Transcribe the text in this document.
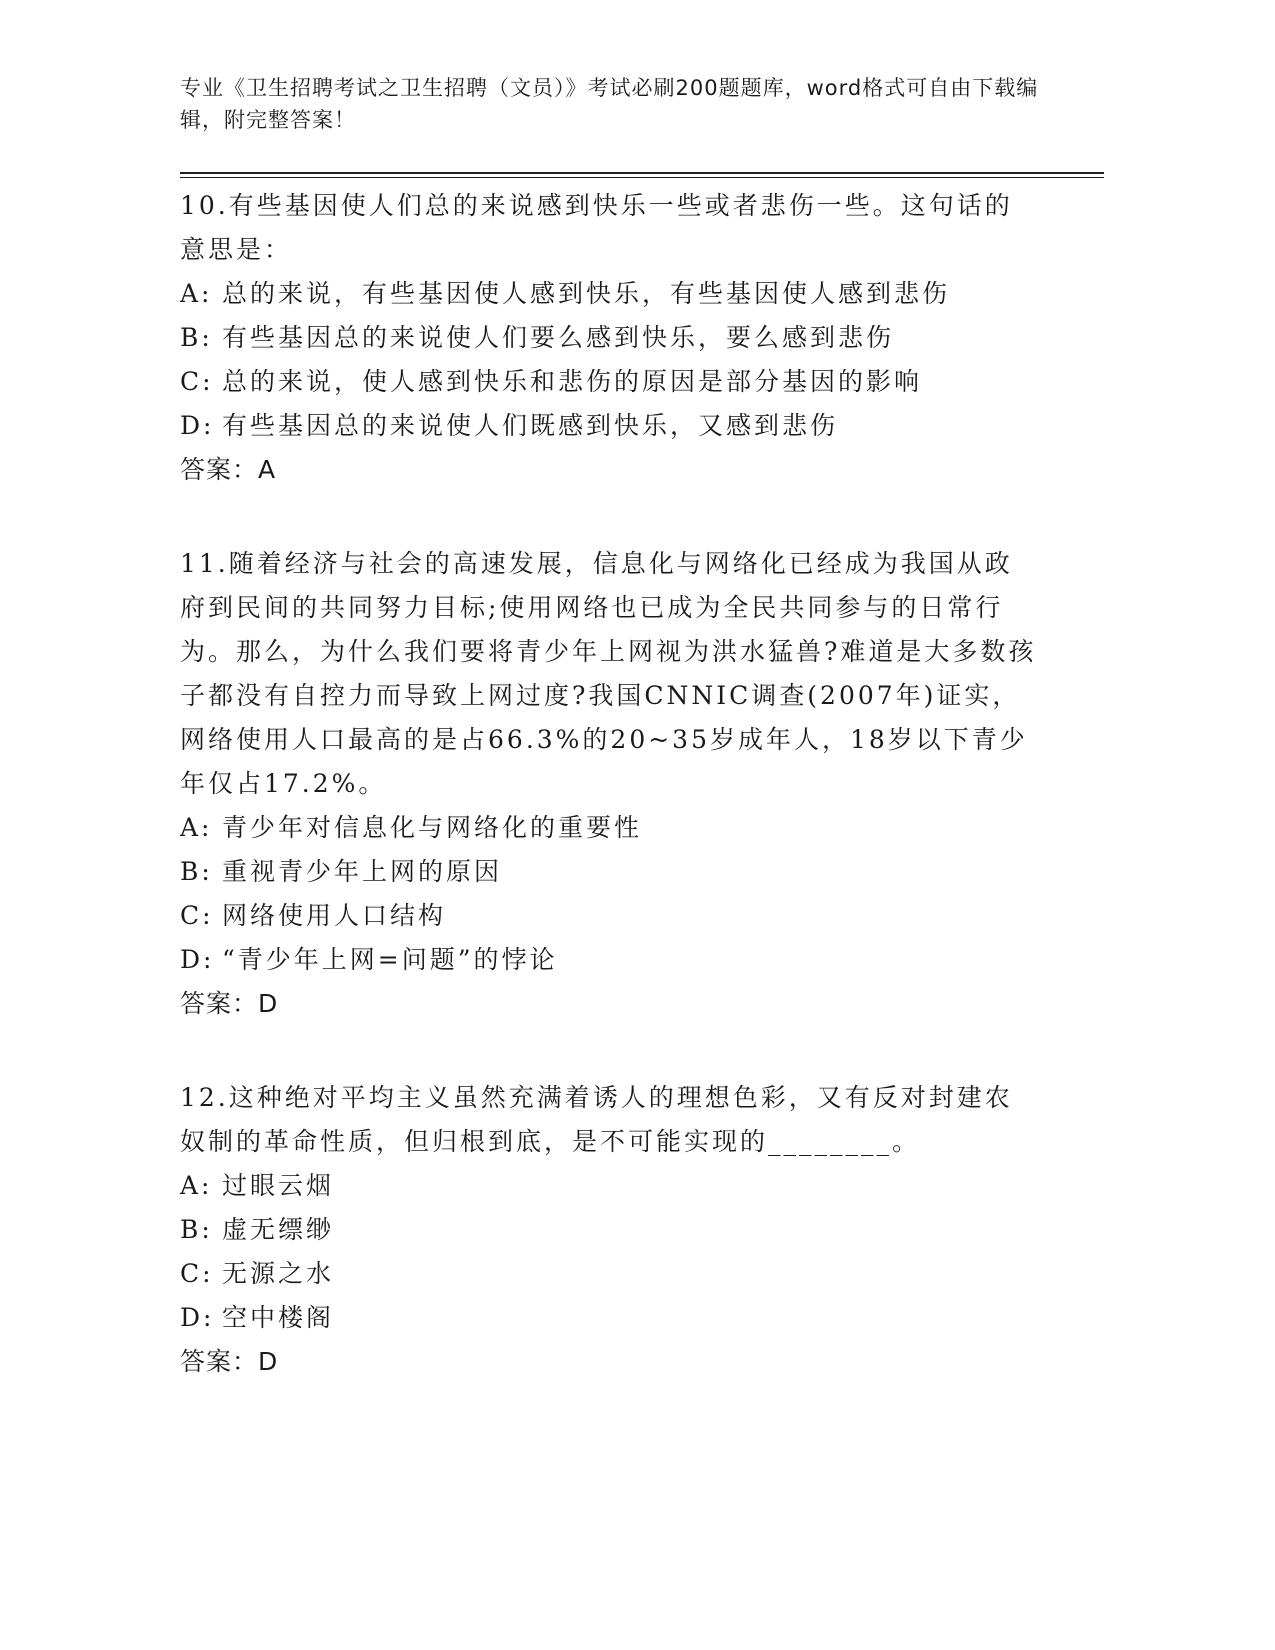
专业《卫生招聘考试之卫生招聘（文员）》考试必刷200题题库，word格式可自由下载编辑，附完整答案！

10.有些基因使人们总的来说感到快乐一些或者悲伤一些。这句话的意思是：

A: 总的来说，有些基因使人感到快乐，有些基因使人感到悲伤

B: 有些基因总的来说使人们要么感到快乐，要么感到悲伤

C: 总的来说，使人感到快乐和悲伤的原因是部分基因的影响

D: 有些基因总的来说使人们既感到快乐，又感到悲伤

答案：A

11.随着经济与社会的高速发展，信息化与网络化已经成为我国从政府到民间的共同努力目标;使用网络也已成为全民共同参与的日常行为。那么，为什么我们要将青少年上网视为洪水猛兽?难道是大多数孩子都没有自控力而导致上网过度?我国CNNIC调查(2007年)证实，网络使用人口最高的是占66.3%的20~35岁成年人，18岁以下青少年仅占17.2%。

A: 青少年对信息化与网络化的重要性

B: 重视青少年上网的原因

C: 网络使用人口结构

D: “青少年上网=问题”的悖论

答案：D

12.这种绝对平均主义虽然充满着诱人的理想色彩，又有反对封建农奴制的革命性质，但归根到底，是不可能实现的________。

A: 过眼云烟

B: 虚无缥缈

C: 无源之水

D: 空中楼阁

答案：D
